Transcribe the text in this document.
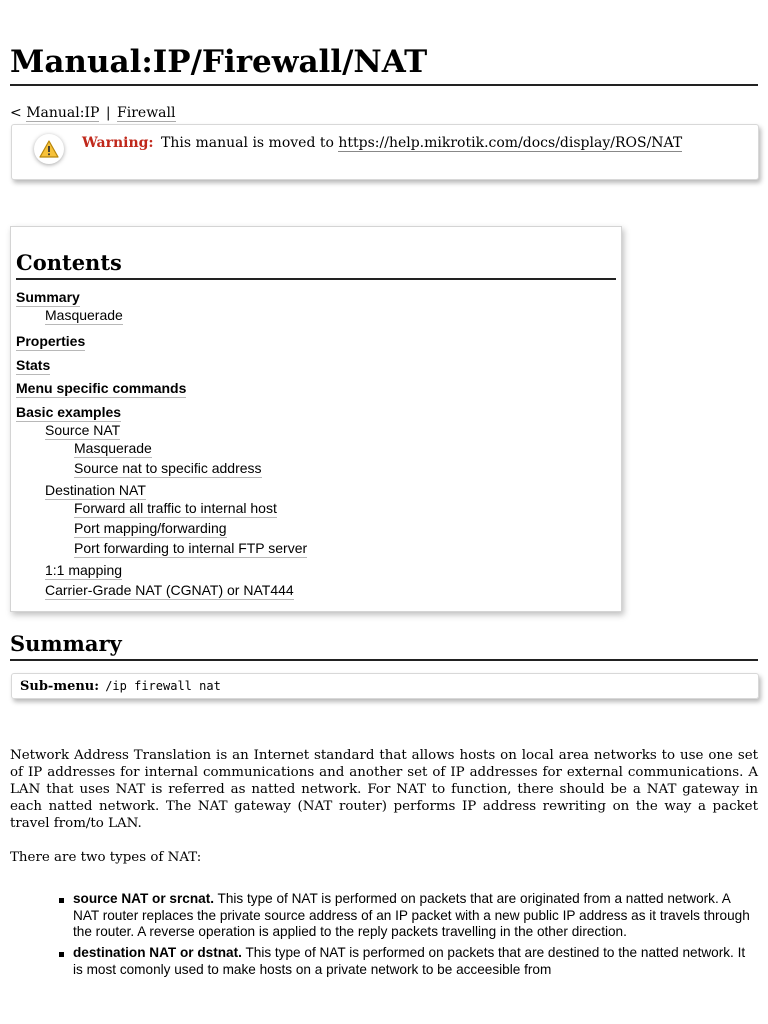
Manual:IP/Firewall/NAT
< Manual:IP | Firewall
Warning: This manual is moved to https://help.mikrotik.com/docs/display/ROS/NAT
Contents
Summary
Masquerade
Properties
Stats
Menu specific commands
Basic examples
Source NAT
Masquerade
Source nat to specific address
Destination NAT
Forward all traffic to internal host
Port mapping/forwarding
Port forwarding to internal FTP server
1:1 mapping
Carrier-Grade NAT (CGNAT) or NAT444
Summary
Sub-menu: /ip firewall nat

Network Address Translation is an Internet standard that allows hosts on local area networks to use one set of IP addresses for internal communications and another set of IP addresses for external communications. A LAN that uses NAT is referred as natted network. For NAT to function, there should be a NAT gateway in each natted network. The NAT gateway (NAT router) performs IP address rewriting on the way a packet travel from/to LAN.

There are two types of NAT:

source NAT or srcnat. This type of NAT is performed on packets that are originated from a natted network. A NAT router replaces the private source address of an IP packet with a new public IP address as it travels through the router. A reverse operation is applied to the reply packets travelling in the other direction.
destination NAT or dstnat. This type of NAT is performed on packets that are destined to the natted network. It is most comonly used to make hosts on a private network to be acceesible from
